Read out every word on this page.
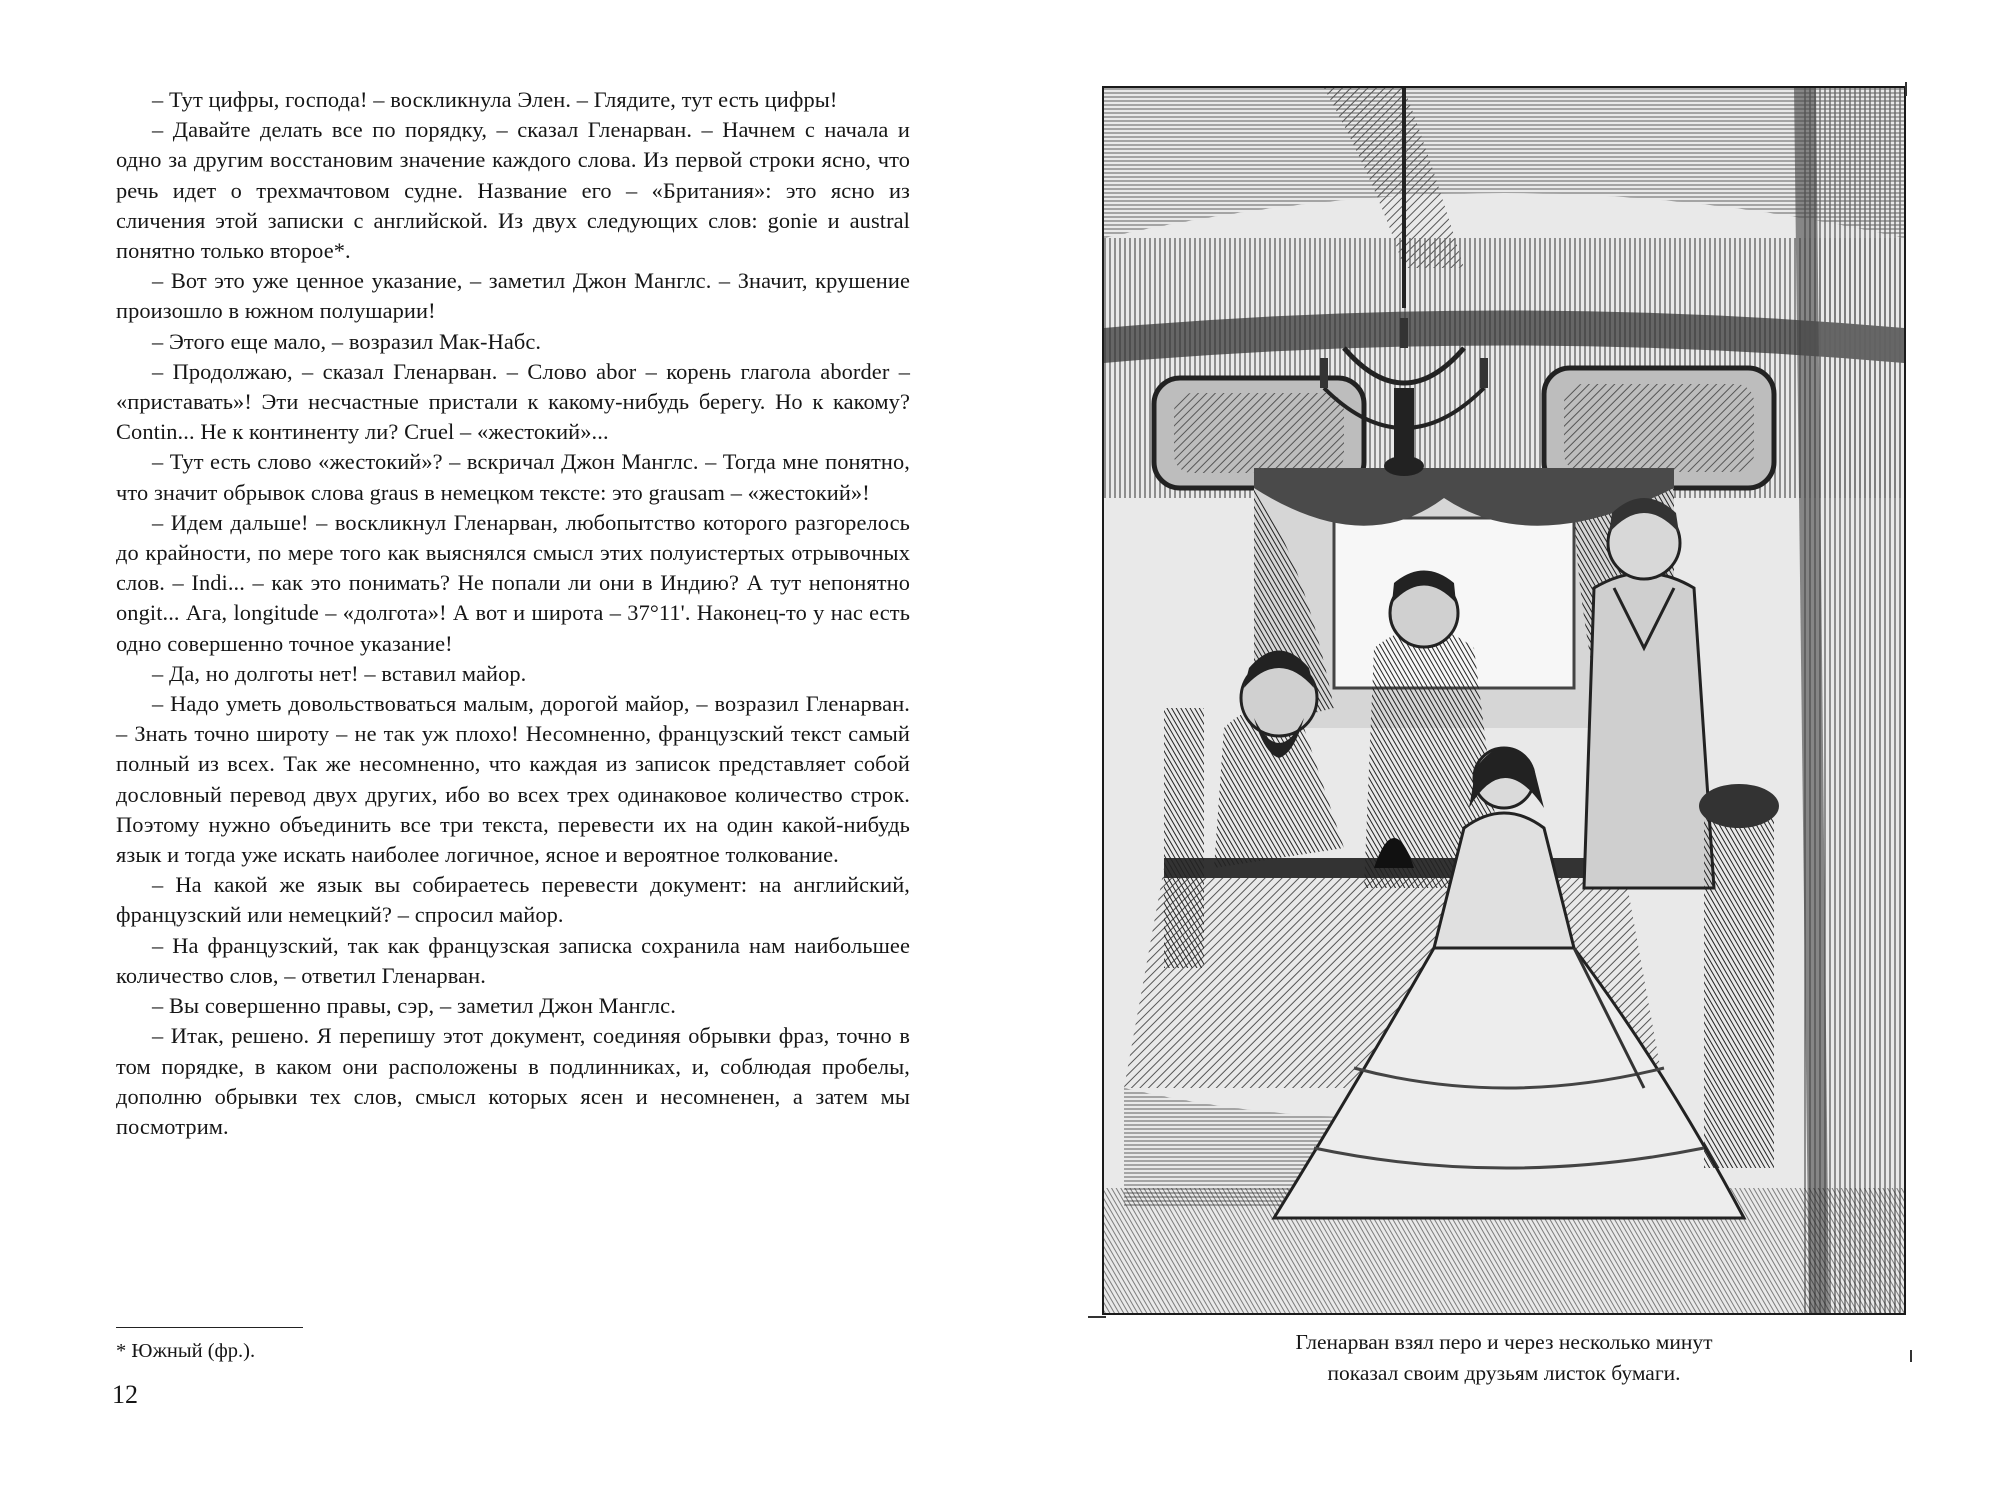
– Тут цифры, господа! – воскликнула Элен. – Глядите, тут есть цифры!

– Давайте делать все по порядку, – сказал Гленарван. – Начнем с начала и одно за другим восстановим значение каждого слова. Из первой строки ясно, что речь идет о трехмачтовом судне. Название его – «Британия»: это ясно из сличения этой записки с английской. Из двух следующих слов: gonie и austral понятно только второе*.

– Вот это уже ценное указание, – заметил Джон Манглс. – Значит, крушение произошло в южном полушарии!

– Этого еще мало, – возразил Мак-Набс.

– Продолжаю, – сказал Гленарван. – Слово abor – корень глагола aborder – «приставать»! Эти несчастные пристали к какому-нибудь берегу. Но к какому? Contin... Не к континенту ли? Cruel – «жестокий»...

– Тут есть слово «жестокий»? – вскричал Джон Манглс. – Тогда мне понятно, что значит обрывок слова graus в немецком тексте: это grausam – «жестокий»!

– Идем дальше! – воскликнул Гленарван, любопытство которого разгорелось до крайности, по мере того как выяснялся смысл этих полуистертых отрывочных слов. – Indi... – как это понимать? Не попали ли они в Индию? А тут непонятно ongit... Ага, longitude – «долгота»! А вот и широта – 37°11'. Наконец-то у нас есть одно совершенно точное указание!

– Да, но долготы нет! – вставил майор.

– Надо уметь довольствоваться малым, дорогой майор, – возразил Гленарван. – Знать точно широту – не так уж плохо! Несомненно, французский текст самый полный из всех. Так же несомненно, что каждая из записок представляет собой дословный перевод двух других, ибо во всех трех одинаковое количество строк. Поэтому нужно объединить все три текста, перевести их на один какой-нибудь язык и тогда уже искать наиболее логичное, ясное и вероятное толкование.

– На какой же язык вы собираетесь перевести документ: на английский, французский или немецкий? – спросил майор.

– На французский, так как французская записка сохранила нам наибольшее количество слов, – ответил Гленарван.

– Вы совершенно правы, сэр, – заметил Джон Манглс.

– Итак, решено. Я перепишу этот документ, соединяя обрывки фраз, точно в том порядке, в каком они расположены в подлинниках, и, соблюдая пробелы, дополню обрывки тех слов, смысл которых ясен и несомненен, а затем мы посмотрим.

* Южный (фр.).
12
Гленарван взял перо и через несколько минут
показал своим друзьям листок бумаги.
